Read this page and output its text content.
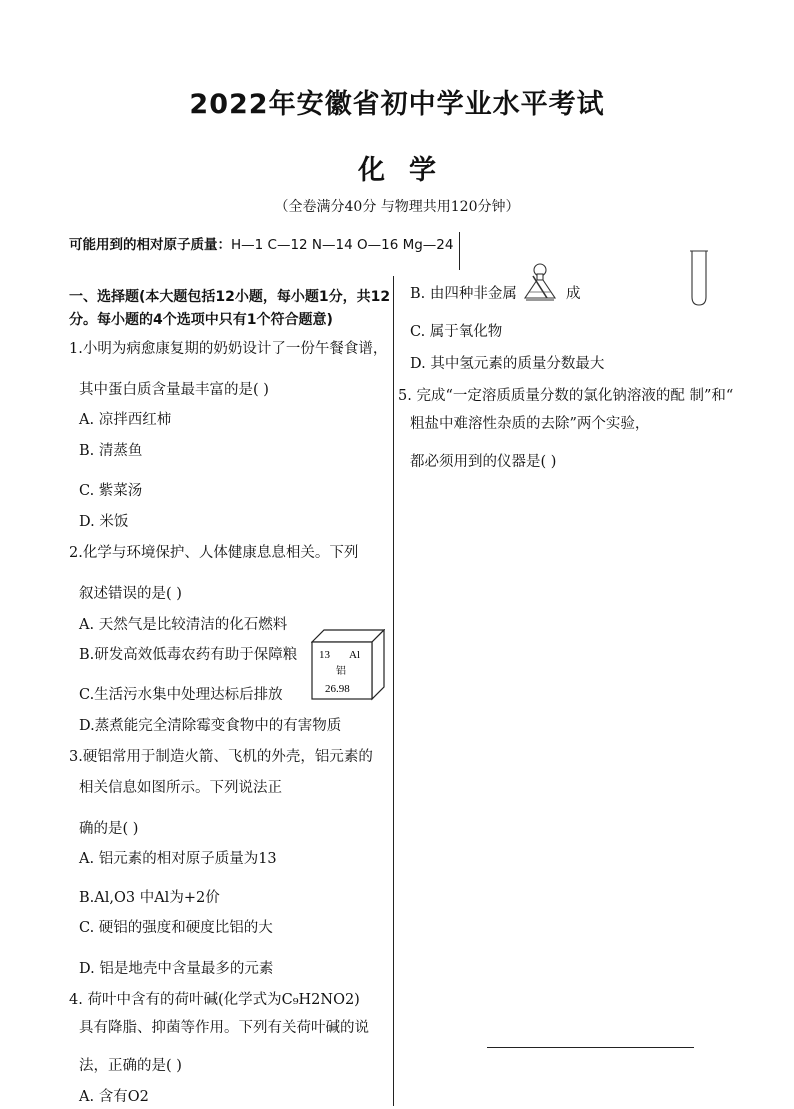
2022年安徽省初中学业水平考试
化学
（全卷满分40分 与物理共用120分钟）
可能用到的相对原子质量：H—1 C—12 N—14 O—16 Mg—24
一、选择题(本大题包括12小题，每小题1分，共12
分。每小题的4个选项中只有1个符合题意)
1.小明为病愈康复期的奶奶设计了一份午餐食谱，
其中蛋白质含量最丰富的是( )
A. 凉拌西红柿
B. 清蒸鱼
C. 紫菜汤
D. 米饭
2.化学与环境保护、人体健康息息相关。下列
叙述错误的是( )
A. 天然气是比较清洁的化石燃料
B.研发高效低毒农药有助于保障粮
C.生活污水集中处理达标后排放
D.蒸煮能完全清除霉变食物中的有害物质
13 Al
铝
26.98
3.硬铝常用于制造火箭、飞机的外壳，铝元素的
相关信息如图所示。下列说法正
确的是( )
A. 铝元素的相对原子质量为13
B.Al,O3 中Al为+2价
C. 硬铝的强度和硬度比铝的大
D. 铝是地壳中含量最多的元素
4. 荷叶中含有的荷叶碱(化学式为C₉H2NO2)
具有降脂、抑菌等作用。下列有关荷叶碱的说
法，正确的是( )
A. 含有O2
B. 由四种非金属	成
C. 属于氧化物
D. 其中氢元素的质量分数最大
5. 完成“一定溶质质量分数的氯化钠溶液的配 制”和“
粗盐中难溶性杂质的去除”两个实验，
都必须用到的仪器是( )
